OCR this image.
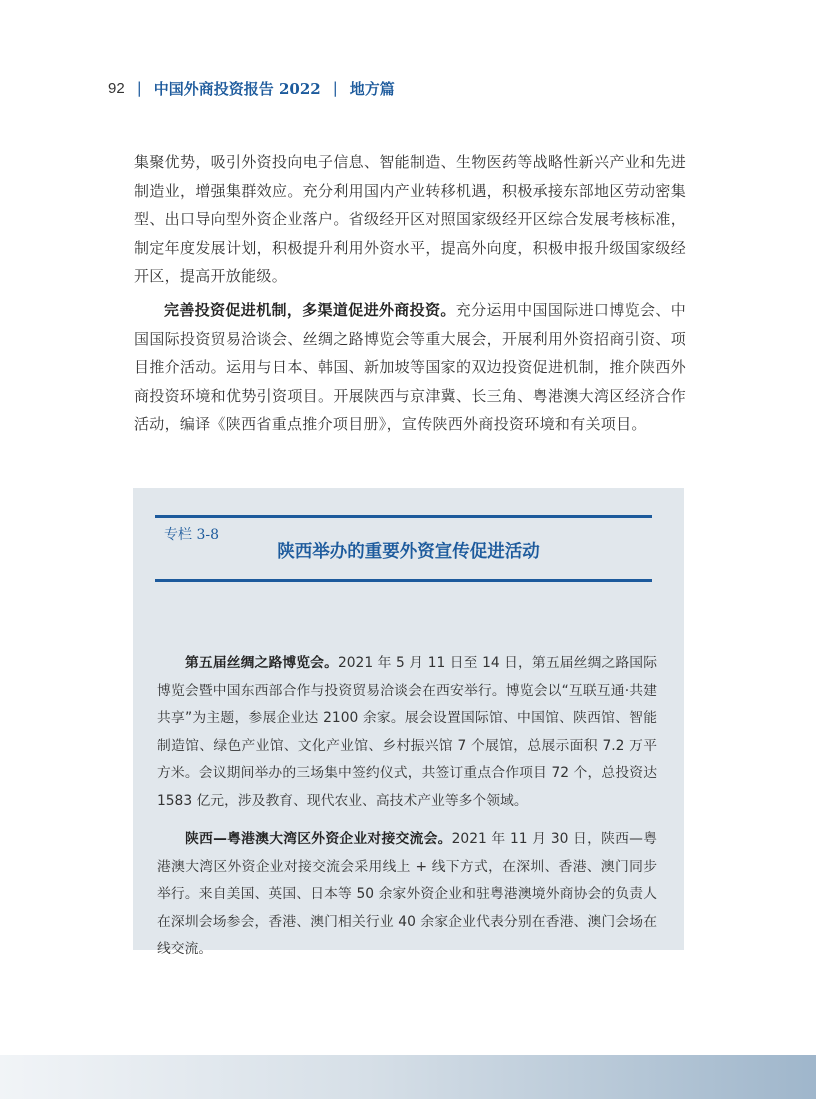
92 | 中国外商投资报告 2022 | 地方篇

集聚优势，吸引外资投向电子信息、智能制造、生物医药等战略性新兴产业和先进制造业，增强集群效应。充分利用国内产业转移机遇，积极承接东部地区劳动密集型、出口导向型外资企业落户。省级经开区对照国家级经开区综合发展考核标准，制定年度发展计划，积极提升利用外资水平，提高外向度，积极申报升级国家级经开区，提高开放能级。

完善投资促进机制，多渠道促进外商投资。充分运用中国国际进口博览会、中国国际投资贸易洽谈会、丝绸之路博览会等重大展会，开展利用外资招商引资、项目推介活动。运用与日本、韩国、新加坡等国家的双边投资促进机制，推介陕西外商投资环境和优势引资项目。开展陕西与京津冀、长三角、粤港澳大湾区经济合作活动，编译《陕西省重点推介项目册》，宣传陕西外商投资环境和有关项目。

专栏 3-8
陕西举办的重要外资宣传促进活动

第五届丝绸之路博览会。2021 年 5 月 11 日至 14 日，第五届丝绸之路国际博览会暨中国东西部合作与投资贸易洽谈会在西安举行。博览会以“互联互通·共建共享”为主题，参展企业达 2100 余家。展会设置国际馆、中国馆、陕西馆、智能制造馆、绿色产业馆、文化产业馆、乡村振兴馆 7 个展馆，总展示面积 7.2 万平方米。会议期间举办的三场集中签约仪式，共签订重点合作项目 72 个，总投资达 1583 亿元，涉及教育、现代农业、高技术产业等多个领域。

陕西—粤港澳大湾区外资企业对接交流会。2021 年 11 月 30 日，陕西—粤港澳大湾区外资企业对接交流会采用线上 + 线下方式，在深圳、香港、澳门同步举行。来自美国、英国、日本等 50 余家外资企业和驻粤港澳境外商协会的负责人在深圳会场参会，香港、澳门相关行业 40 余家企业代表分别在香港、澳门会场在线交流。
